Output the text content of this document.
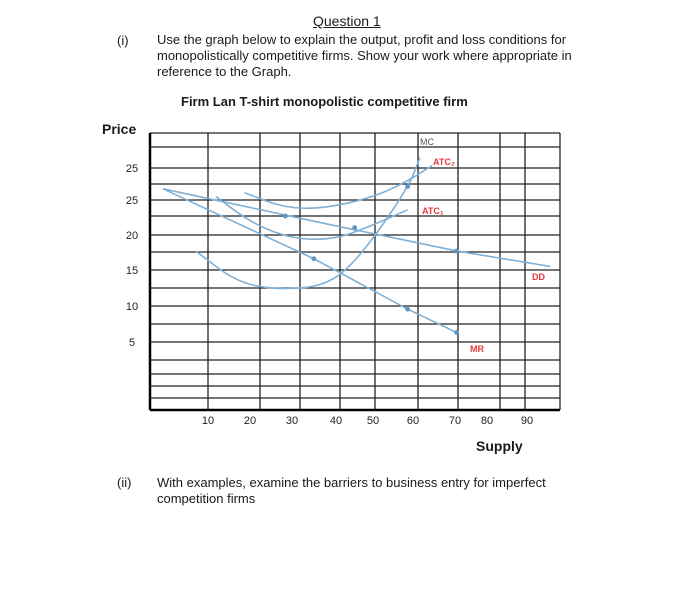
Question 1
(i) Use the graph below to explain the output, profit and loss conditions for monopolistically competitive firms. Show your work where appropriate in reference to the Graph.
Firm Lan T-shirt monopolistic competitive firm
Price
Supply
(ii) With examples, examine the barriers to business entry for imperfect competition firms
25
25
20
15
10
5
10	20	30	40 50	60	70 80	90
MC
ATC₂
ATC₁
DD
MR
